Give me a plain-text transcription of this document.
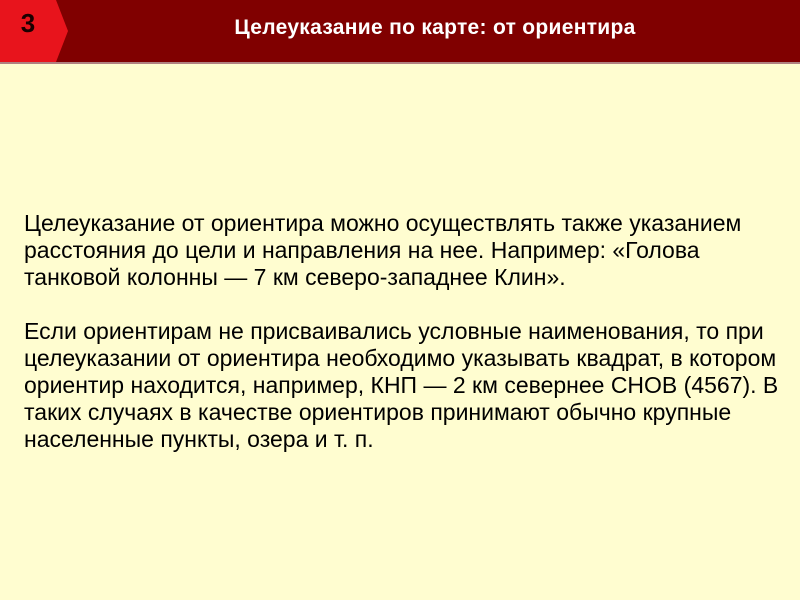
3	Целеуказание по карте: от ориентира

Целеуказание от ориентира можно осуществлять также указанием расстояния до цели и направления на нее. Например: «Голова танковой колонны — 7 км северо-западнее Клин».

Если ориентирам не присваивались условные наименования, то при целеуказании от ориентира необходимо указывать квадрат, в котором ориентир находится, например, КНП — 2 км севернее СНОВ (4567). В таких случаях в качестве ориентиров принимают обычно крупные населенные пункты, озера и т. п.
